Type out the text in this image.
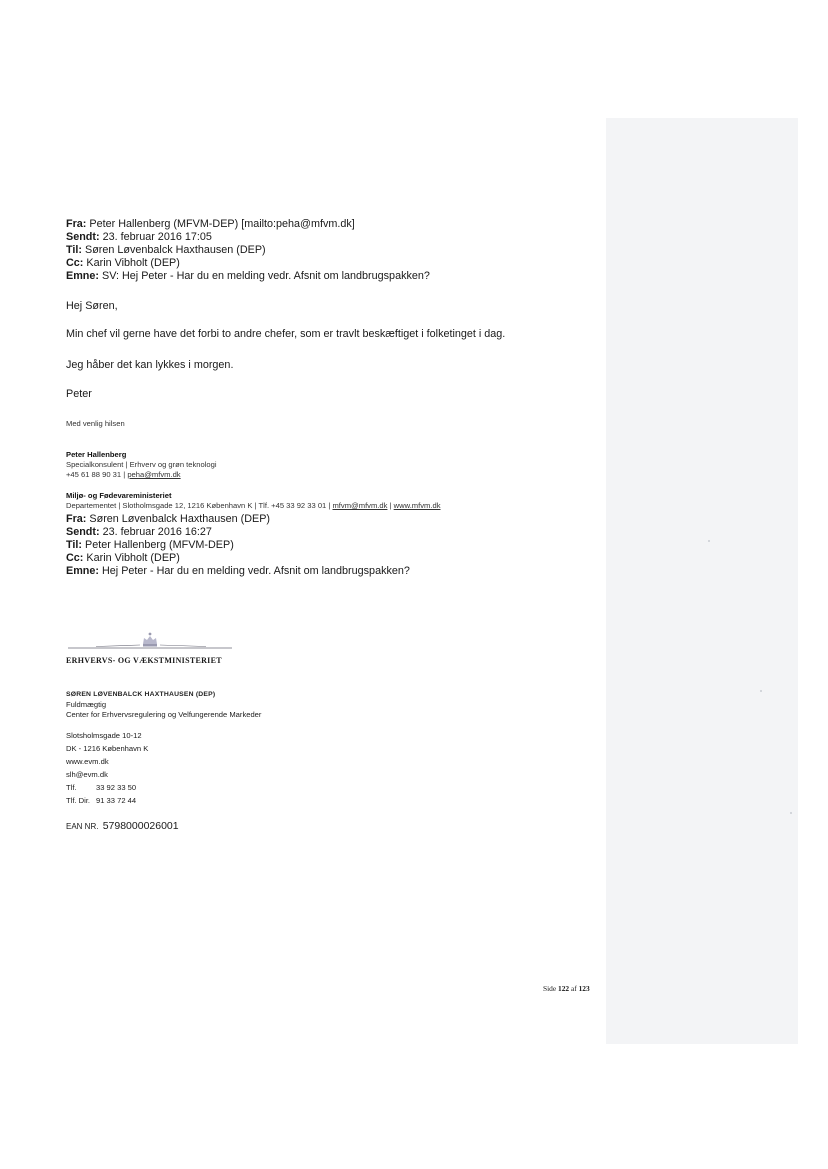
Fra: Peter Hallenberg (MFVM-DEP) [mailto:peha@mfvm.dk]
Sendt: 23. februar 2016 17:05
Til: Søren Løvenbalck Haxthausen (DEP)
Cc: Karin Vibholt (DEP)
Emne: SV: Hej Peter - Har du en melding vedr. Afsnit om landbrugspakken?
Hej Søren,
Min chef vil gerne have det forbi to andre chefer, som er travlt beskæftiget i folketinget i dag.
Jeg håber det kan lykkes i morgen.
Peter
Med venlig hilsen
Peter Hallenberg
Specialkonsulent | Erhverv og grøn teknologi
+45 61 88 90 31 | peha@mfvm.dk
Miljø- og Fødevareministeriet
Departementet | Slotholmsgade 12, 1216 København K | Tlf. +45 33 92 33 01 | mfvm@mfvm.dk | www.mfvm.dk
Fra: Søren Løvenbalck Haxthausen (DEP)
Sendt: 23. februar 2016 16:27
Til: Peter Hallenberg (MFVM-DEP)
Cc: Karin Vibholt (DEP)
Emne: Hej Peter - Har du en melding vedr. Afsnit om landbrugspakken?
ERHVERVS- OG VÆKSTMINISTERIET
SØREN LØVENBALCK HAXTHAUSEN (DEP)
Fuldmægtig
Center for Erhvervsregulering og Velfungerende Markeder
Slotsholmsgade 10-12
DK - 1216 København K
www.evm.dk
slh@evm.dk
Tlf.	33 92 33 50
Tlf. Dir. 91 33 72 44
EAN NR. 5798000026001
Side 122 af 123
